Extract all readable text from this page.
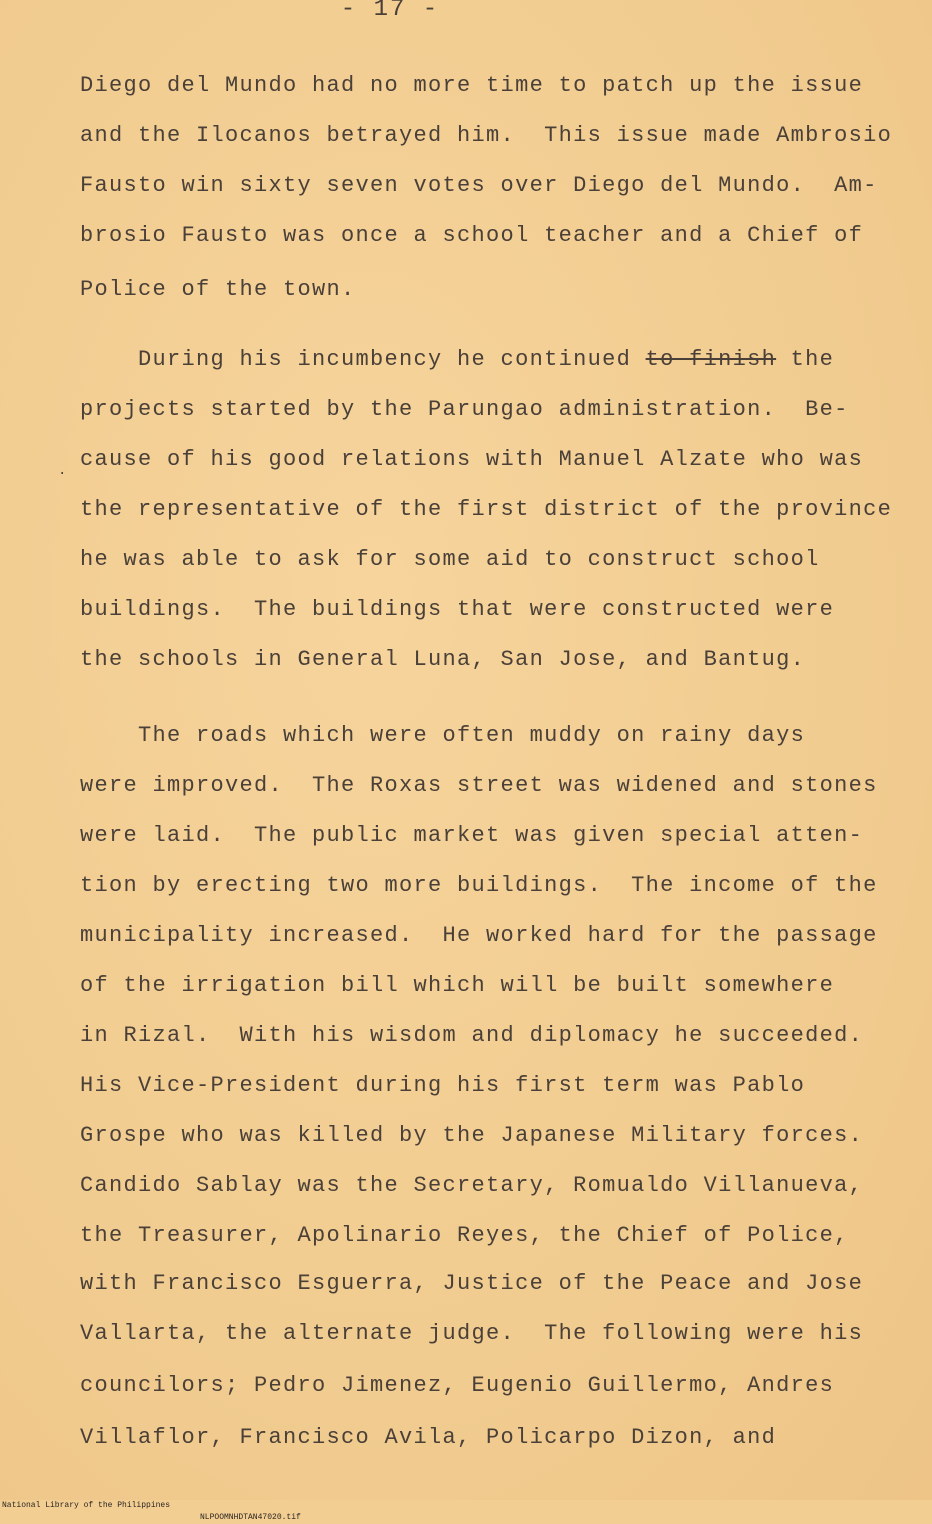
- 17 -
Diego del Mundo had no more time to patch up the issue
and the Ilocanos betrayed him.  This issue made Ambrosio
Fausto win sixty seven votes over Diego del Mundo.  Am-
brosio Fausto was once a school teacher and a Chief of
Police of the town.
During his incumbency he continued to finish the
projects started by the Parungao administration.  Be-
. cause of his good relations with Manuel Alzate who was
the representative of the first district of the province
he was able to ask for some aid to construct school
buildings.  The buildings that were constructed were
the schools in General Luna, San Jose, and Bantug.
The roads which were often muddy on rainy days
were improved.  The Roxas street was widened and stones
were laid.  The public market was given special atten-
tion by erecting two more buildings.  The income of the
municipality increased.  He worked hard for the passage
of the irrigation bill which will be built somewhere
in Rizal.  With his wisdom and diplomacy he succeeded.
His Vice-President during his first term was Pablo
Grospe who was killed by the Japanese Military forces.
Candido Sablay was the Secretary, Romualdo Villanueva,
the Treasurer, Apolinario Reyes, the Chief of Police,
with Francisco Esguerra, Justice of the Peace and Jose
Vallarta, the alternate judge.  The following were his
councilors; Pedro Jimenez, Eugenio Guillermo, Andres
Villaflor, Francisco Avila, Policarpo Dizon, and

National Library of the Philippines

NLPOOMNHDTAN47020.tif
